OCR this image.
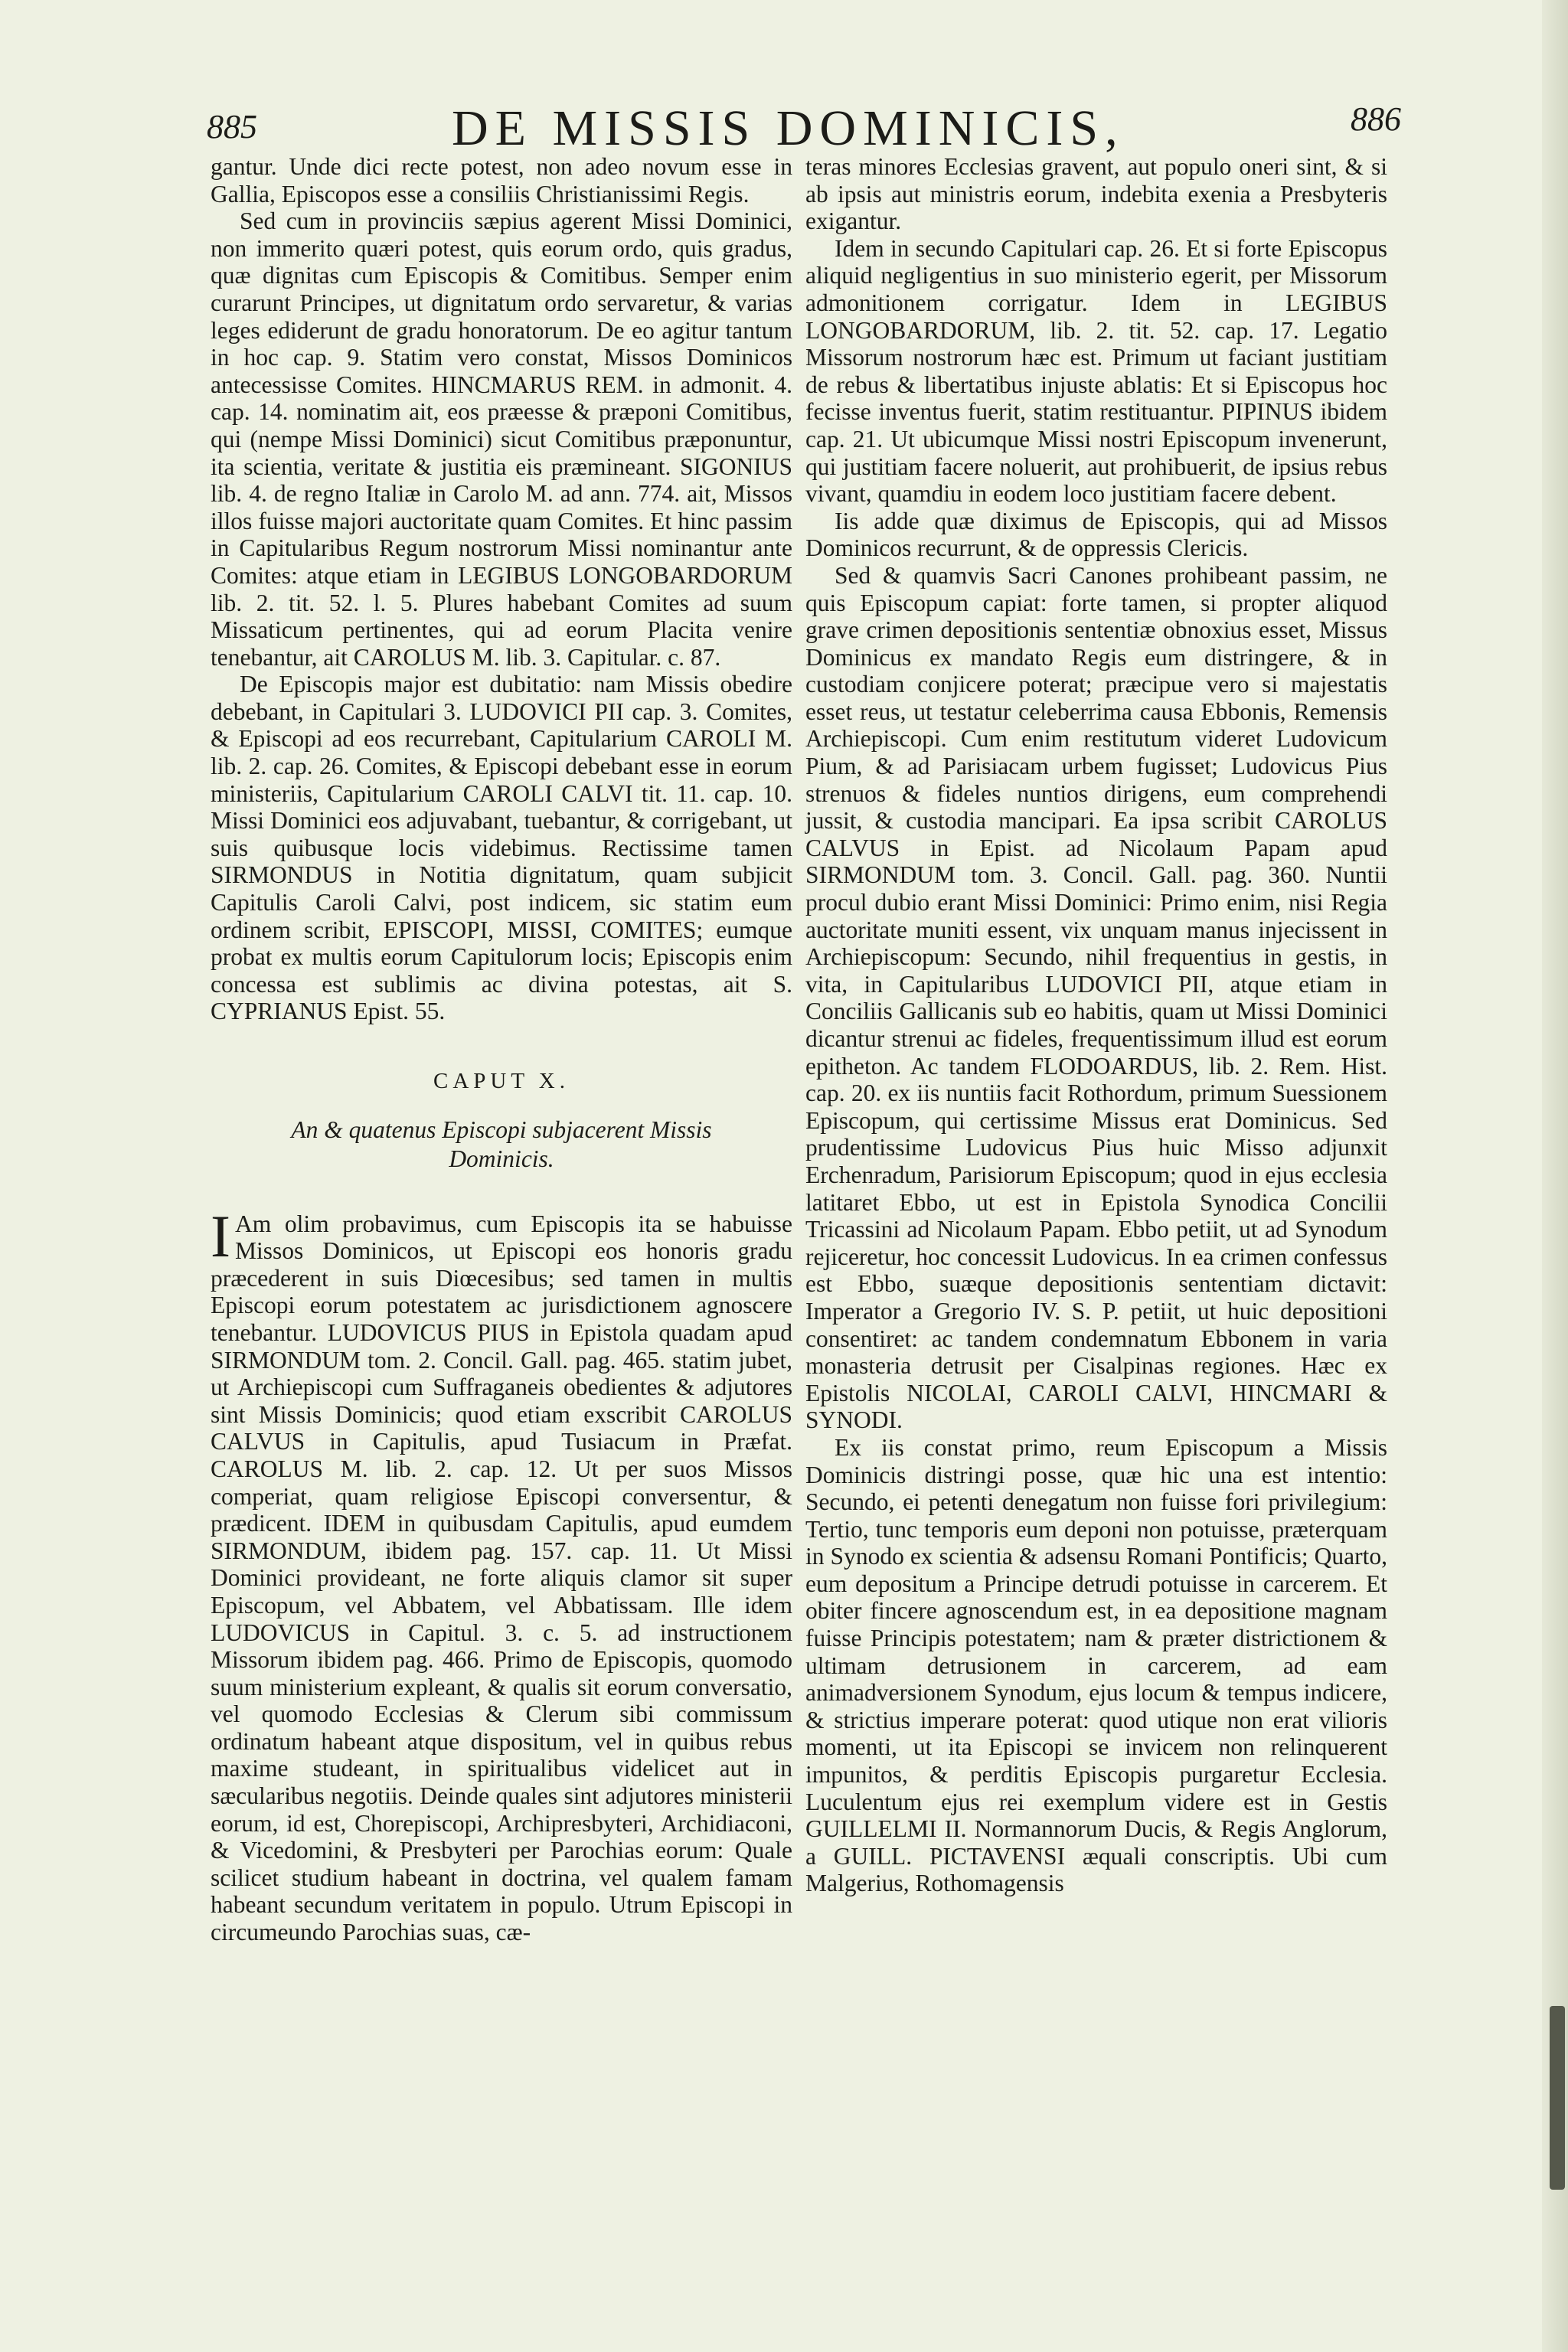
885	DE MISSIS DOMINICIS,	886

gantur. Unde dici recte potest, non adeo novum esse in Gallia, Episcopos esse a consiliis Christianissimi Regis.

Sed cum in provinciis sæpius agerent Missi Dominici, non immerito quæri potest, quis eorum ordo, quis gradus, quæ dignitas cum Episcopis & Comitibus. Semper enim curarunt Principes, ut dignitatum ordo servaretur, & varias leges ediderunt de gradu honoratorum. De eo agitur tantum in hoc cap. 9. Statim vero constat, Missos Dominicos antecessisse Comites. HINCMARUS REM. in admonit. 4. cap. 14. nominatim ait, eos præesse & præponi Comitibus, qui (nempe Missi Dominici) sicut Comitibus præponuntur, ita scientia, veritate & justitia eis præmineant. SIGONIUS lib. 4. de regno Italiæ in Carolo M. ad ann. 774. ait, Missos illos fuisse majori auctoritate quam Comites. Et hinc passim in Capitularibus Regum nostrorum Missi nominantur ante Comites: atque etiam in LEGIBUS LONGOBARDORUM lib. 2. tit. 52. l. 5. Plures habebant Comites ad suum Missaticum pertinentes, qui ad eorum Placita venire tenebantur, ait CAROLUS M. lib. 3. Capitular. c. 87.

De Episcopis major est dubitatio: nam Missis obedire debebant, in Capitulari 3. LUDOVICI PII cap. 3. Comites, & Episcopi ad eos recurrebant, Capitularium CAROLI M. lib. 2. cap. 26. Comites, & Episcopi debebant esse in eorum ministeriis, Capitularium CAROLI CALVI tit. 11. cap. 10. Missi Dominici eos adjuvabant, tuebantur, & corrigebant, ut suis quibusque locis videbimus. Rectissime tamen SIRMONDUS in Notitia dignitatum, quam subjicit Capitulis Caroli Calvi, post indicem, sic statim eum ordinem scribit, EPISCOPI, MISSI, COMITES; eumque probat ex multis eorum Capitulorum locis; Episcopis enim concessa est sublimis ac divina potestas, ait S. CYPRIANUS Epist. 55.

CAPUT X.
An & quatenus Episcopi subjacerent Missis Dominicis.

I Am olim probavimus, cum Episcopis ita se habuisse Missos Dominicos, ut Episcopi eos honoris gradu præcederent in suis Diœcesibus; sed tamen in multis Episcopi eorum potestatem ac jurisdictionem agnoscere tenebantur. LUDOVICUS PIUS in Epistola quadam apud SIRMONDUM tom. 2. Concil. Gall. pag. 465. statim jubet, ut Archiepiscopi cum Suffraganeis obedientes & adjutores sint Missis Dominicis; quod etiam exscribit CAROLUS CALVUS in Capitulis, apud Tusiacum in Præfat. CAROLUS M. lib. 2. cap. 12. Ut per suos Missos comperiat, quam religiose Episcopi conversentur, & prædicent. IDEM in quibusdam Capitulis, apud eumdem SIRMONDUM, ibidem pag. 157. cap. 11. Ut Missi Dominici provideant, ne forte aliquis clamor sit super Episcopum, vel Abbatem, vel Abbatissam. Ille idem LUDOVICUS in Capitul. 3. c. 5. ad instructionem Missorum ibidem pag. 466. Primo de Episcopis, quomodo suum ministerium expleant, & qualis sit eorum conversatio, vel quomodo Ecclesias & Clerum sibi commissum ordinatum habeant atque dispositum, vel in quibus rebus maxime studeant, in spiritualibus videlicet aut in sæcularibus negotiis. Deinde quales sint adjutores ministerii eorum, id est, Chorepiscopi, Archipresbyteri, Archidiaconi, & Vicedomini, & Presbyteri per Parochias eorum: Quale scilicet studium habeant in doctrina, vel qualem famam habeant secundum veritatem in populo. Utrum Episcopi in circumeundo Parochias suas, cæ-

teras minores Ecclesias gravent, aut populo oneri sint, & si ab ipsis aut ministris eorum, indebita exenia a Presbyteris exigantur.

Idem in secundo Capitulari cap. 26. Et si forte Episcopus aliquid negligentius in suo ministerio egerit, per Missorum admonitionem corrigatur. Idem in LEGIBUS LONGOBARDORUM, lib. 2. tit. 52. cap. 17. Legatio Missorum nostrorum hæc est. Primum ut faciant justitiam de rebus & libertatibus injuste ablatis: Et si Episcopus hoc fecisse inventus fuerit, statim restituantur. PIPINUS ibidem cap. 21. Ut ubicumque Missi nostri Episcopum invenerunt, qui justitiam facere noluerit, aut prohibuerit, de ipsius rebus vivant, quamdiu in eodem loco justitiam facere debent.

Iis adde quæ diximus de Episcopis, qui ad Missos Dominicos recurrunt, & de oppressis Clericis.

Sed & quamvis Sacri Canones prohibeant passim, ne quis Episcopum capiat: forte tamen, si propter aliquod grave crimen depositionis sententiæ obnoxius esset, Missus Dominicus ex mandato Regis eum distringere, & in custodiam conjicere poterat; præcipue vero si majestatis esset reus, ut testatur celeberrima causa Ebbonis, Remensis Archiepiscopi. Cum enim restitutum videret Ludovicum Pium, & ad Parisiacam urbem fugisset; Ludovicus Pius strenuos & fideles nuntios dirigens, eum comprehendi jussit, & custodia mancipari. Ea ipsa scribit CAROLUS CALVUS in Epist. ad Nicolaum Papam apud SIRMONDUM tom. 3. Concil. Gall. pag. 360. Nuntii procul dubio erant Missi Dominici: Primo enim, nisi Regia auctoritate muniti essent, vix unquam manus injecissent in Archiepiscopum: Secundo, nihil frequentius in gestis, in vita, in Capitularibus LUDOVICI PII, atque etiam in Conciliis Gallicanis sub eo habitis, quam ut Missi Dominici dicantur strenui ac fideles, frequentissimum illud est eorum epitheton. Ac tandem FLODOARDUS, lib. 2. Rem. Hist. cap. 20. ex iis nuntiis facit Rothordum, primum Suessionem Episcopum, qui certissime Missus erat Dominicus. Sed prudentissime Ludovicus Pius huic Misso adjunxit Erchenradum, Parisiorum Episcopum; quod in ejus ecclesia latitaret Ebbo, ut est in Epistola Synodica Concilii Tricassini ad Nicolaum Papam. Ebbo petiit, ut ad Synodum rejiceretur, hoc concessit Ludovicus. In ea crimen confessus est Ebbo, suæque depositionis sententiam dictavit: Imperator a Gregorio IV. S. P. petiit, ut huic depositioni consentiret: ac tandem condemnatum Ebbonem in varia monasteria detrusit per Cisalpinas regiones. Hæc ex Epistolis NICOLAI, CAROLI CALVI, HINCMARI & SYNODI.

Ex iis constat primo, reum Episcopum a Missis Dominicis distringi posse, quæ hic una est intentio: Secundo, ei petenti denegatum non fuisse fori privilegium: Tertio, tunc temporis eum deponi non potuisse, præterquam in Synodo ex scientia & adsensu Romani Pontificis; Quarto, eum depositum a Principe detrudi potuisse in carcerem. Et obiter fincere agnoscendum est, in ea depositione magnam fuisse Principis potestatem; nam & præter districtionem & ultimam detrusionem in carcerem, ad eam animadversionem Synodum, ejus locum & tempus indicere, & strictius imperare poterat: quod utique non erat vilioris momenti, ut ita Episcopi se invicem non relinquerent impunitos, & perditis Episcopis purgaretur Ecclesia. Luculentum ejus rei exemplum videre est in Gestis GUILLELMI II. Normannorum Ducis, & Regis Anglorum, a GUILL. PICTAVENSI æquali conscriptis. Ubi cum Malgerius, Rothomagensis
